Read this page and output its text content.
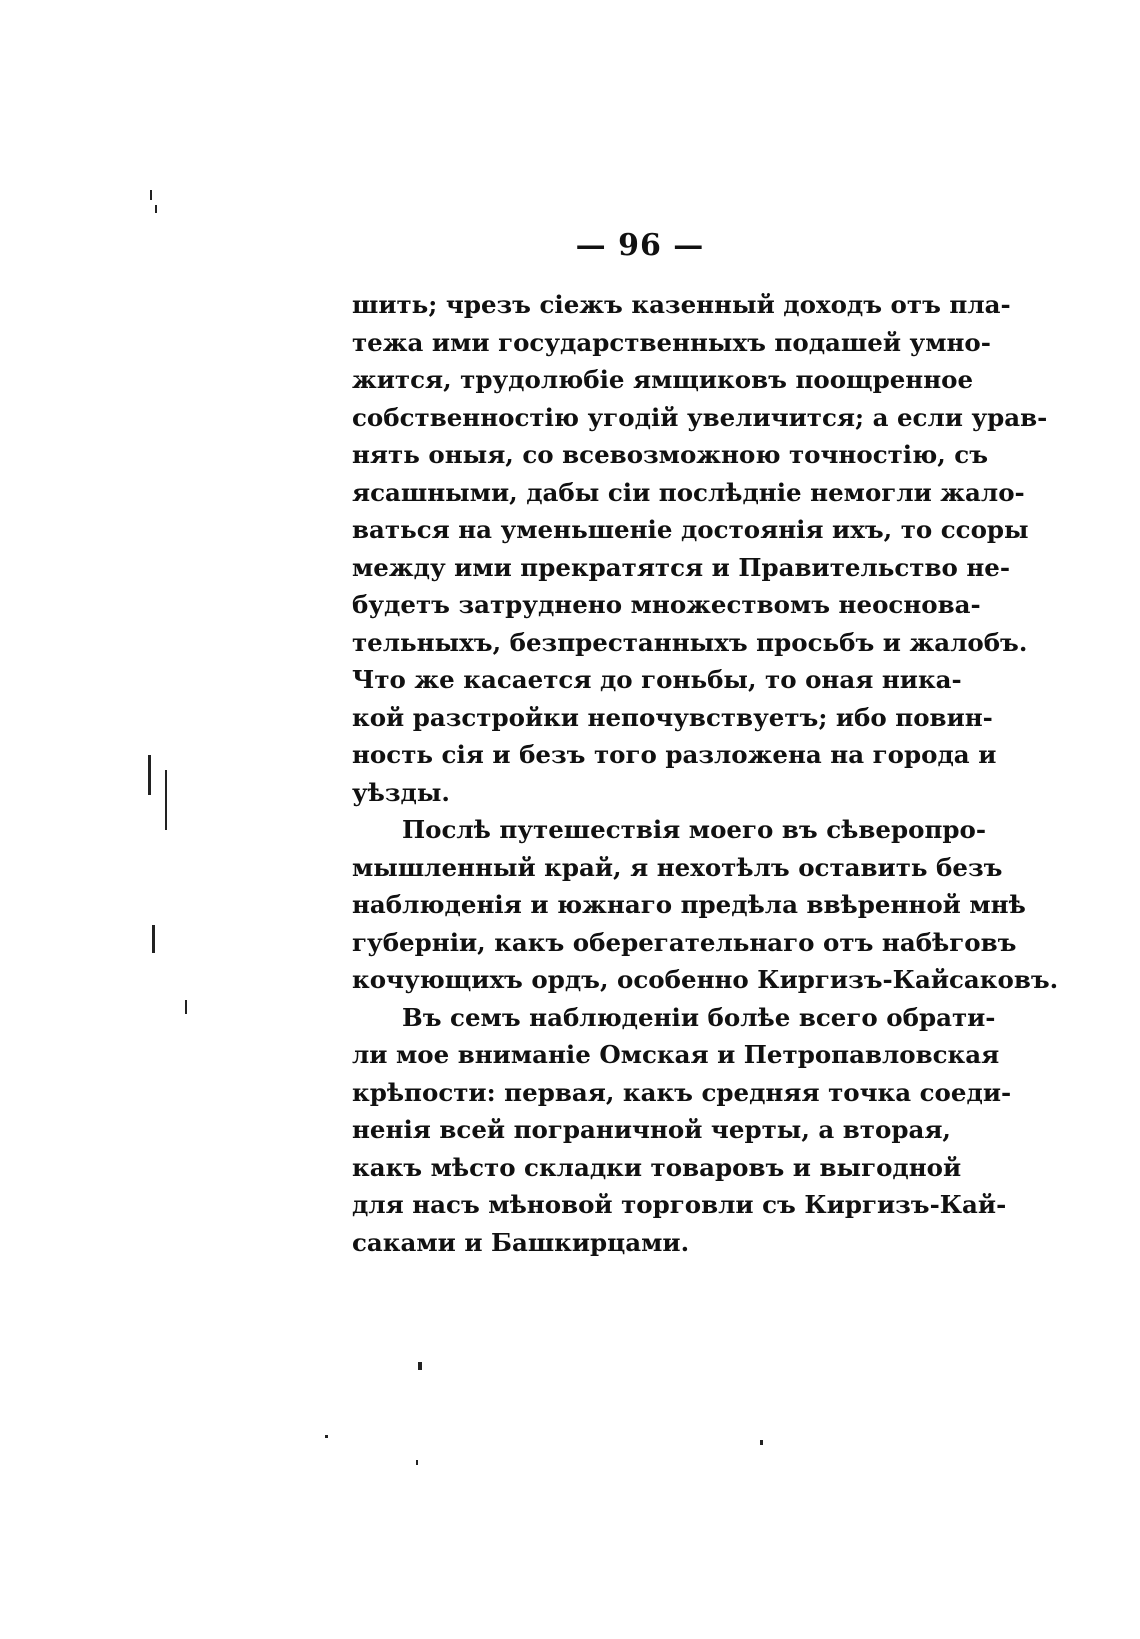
— 96 —
шить; чрезъ сіежъ казенный доходъ отъ пла-
тежа ими государственныхъ подашей умно-
жится, трудолюбіе ямщиковъ поощренное
собственностію угодій увеличится; а если урав-
нять оныя, со всевозможною точностію, съ
ясашными, дабы сіи послѣдніе немогли жало-
ваться на уменьшеніе достоянія ихъ, то ссоры
между ими прекратятся и Правительство не-
будетъ затруднено множествомъ неоснова-
тельныхъ, безпрестанныхъ просьбъ и жалобъ.
Что же касается до гоньбы, то оная ника-
кой разстройки непочувствуетъ; ибо повин-
ность сія и безъ того разложена на города и
уѣзды.
Послѣ путешествія моего въ сѣверопро-
мышленный край, я нехотѣлъ оставить безъ
наблюденія и южнаго предѣла ввѣренной мнѣ
губерніи, какъ оберегательнаго отъ набѣговъ
кочующихъ ордъ, особенно Киргизъ-Кайсаковъ.
Въ семъ наблюденіи болѣе всего обрати-
ли мое вниманіе Омская и Петропавловская
крѣпости: первая, какъ средняя точка соеди-
ненія всей пограничной черты, а вторая,
какъ мѣсто складки товаровъ и выгодной
для насъ мѣновой торговли съ Киргизъ-Кай-
саками и Башкирцами.
